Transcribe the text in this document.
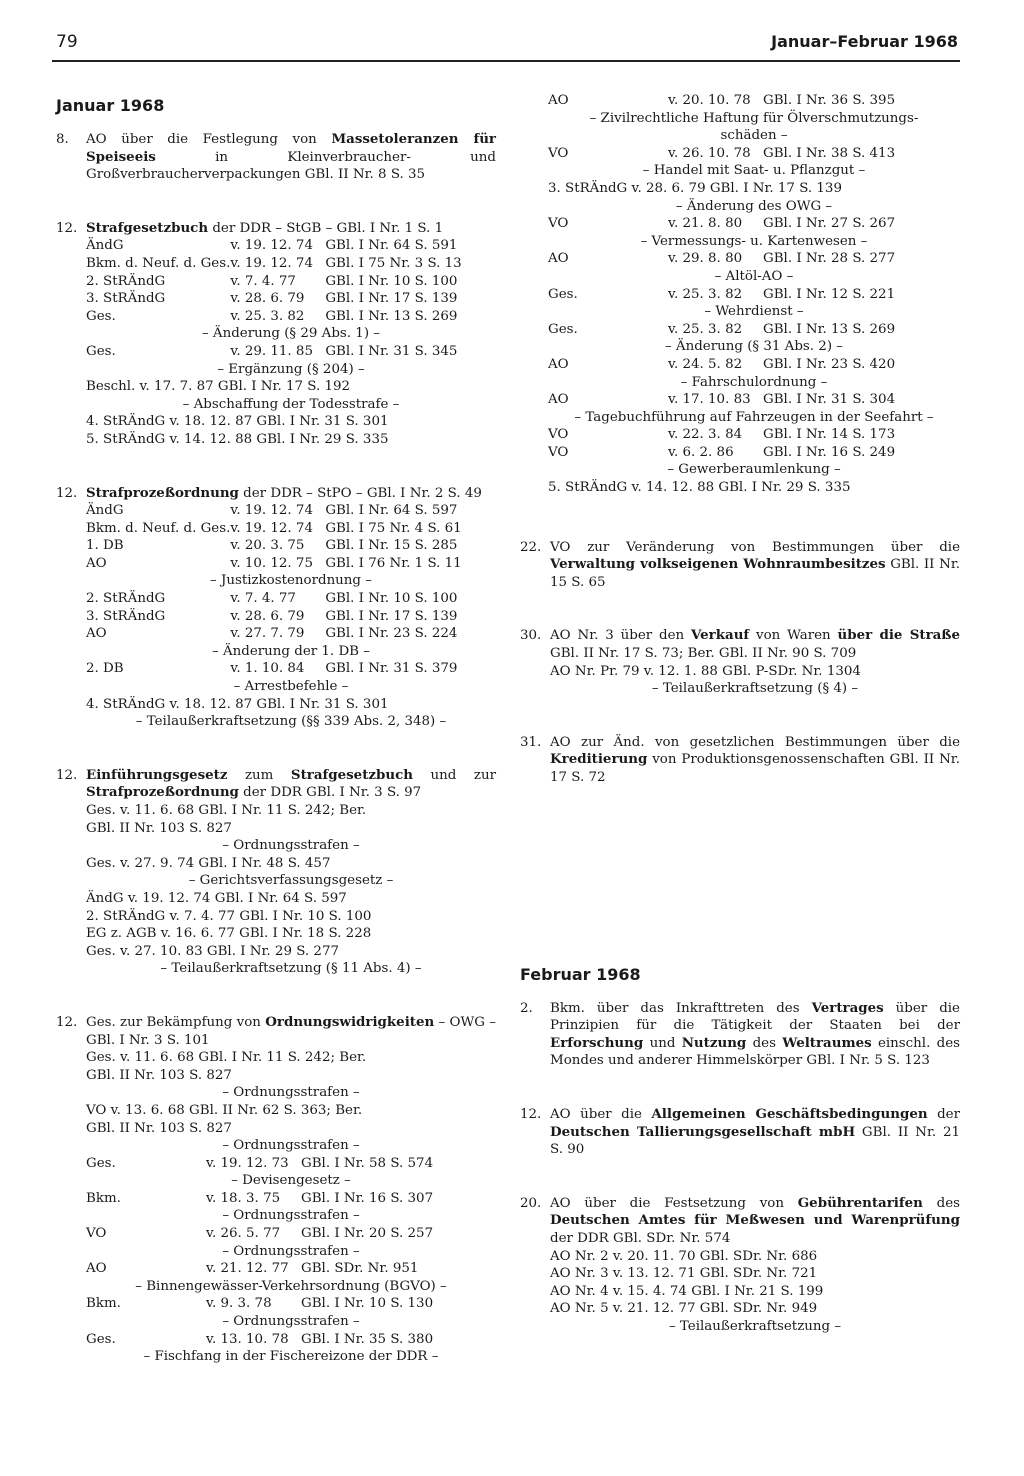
79	Januar–Februar 1968
Januar 1968
8. AO über die Festlegung von Massetoleranzen für Speiseeis in Kleinverbraucher- und Großverbraucherverpackungen GBl. II Nr. 8 S. 35

12. Strafgesetzbuch der DDR – StGB – GBl. I Nr. 1 S. 1

ÄndG	v. 19. 12. 74	GBl. I Nr. 64 S. 591
Bkm. d. Neuf. d. Ges.	v. 19. 12. 74	GBl. I 75 Nr. 3 S. 13
2. StRÄndG	v. 7. 4. 77	GBl. I Nr. 10 S. 100
3. StRÄndG	v. 28. 6. 79	GBl. I Nr. 17 S. 139
Ges.	v. 25. 3. 82	GBl. I Nr. 13 S. 269
– Änderung (§ 29 Abs. 1) –		
Ges.	v. 29. 11. 85	GBl. I Nr. 31 S. 345
– Ergänzung (§ 204) –		
Beschl. v. 17. 7. 87 GBl. I Nr. 17 S. 192		
– Abschaffung der Todesstrafe –		
4. StRÄndG v. 18. 12. 87 GBl. I Nr. 31 S. 301		
5. StRÄndG v. 14. 12. 88 GBl. I Nr. 29 S. 335		
12. Strafprozeßordnung der DDR – StPO – GBl. I Nr. 2 S. 49

ÄndG	v. 19. 12. 74	GBl. I Nr. 64 S. 597
Bkm. d. Neuf. d. Ges.	v. 19. 12. 74	GBl. I 75 Nr. 4 S. 61
1. DB	v. 20. 3. 75	GBl. I Nr. 15 S. 285
AO	v. 10. 12. 75	GBl. I 76 Nr. 1 S. 11
– Justizkostenordnung –		
2. StRÄndG	v. 7. 4. 77	GBl. I Nr. 10 S. 100
3. StRÄndG	v. 28. 6. 79	GBl. I Nr. 17 S. 139
AO	v. 27. 7. 79	GBl. I Nr. 23 S. 224
– Änderung der 1. DB –		
2. DB	v. 1. 10. 84	GBl. I Nr. 31 S. 379
– Arrestbefehle –		
4. StRÄndG v. 18. 12. 87 GBl. I Nr. 31 S. 301		
– Teilaußerkraftsetzung (§§ 339 Abs. 2, 348) –		
12. Einführungsgesetz zum Strafgesetzbuch und zur Strafprozeßordnung der DDR GBl. I Nr. 3 S. 97

Ges. v. 11. 6. 68 GBl. I Nr. 11 S. 242; Ber.
GBl. II Nr. 103 S. 827
– Ordnungsstrafen –
Ges. v. 27. 9. 74 GBl. I Nr. 48 S. 457
– Gerichtsverfassungsgesetz –
ÄndG v. 19. 12. 74 GBl. I Nr. 64 S. 597
2. StRÄndG v. 7. 4. 77 GBl. I Nr. 10 S. 100
EG z. AGB v. 16. 6. 77 GBl. I Nr. 18 S. 228
Ges. v. 27. 10. 83 GBl. I Nr. 29 S. 277
– Teilaußerkraftsetzung (§ 11 Abs. 4) –
12. Ges. zur Bekämpfung von Ordnungswidrigkeiten – OWG – GBl. I Nr. 3 S. 101

Ges. v. 11. 6. 68 GBl. I Nr. 11 S. 242; Ber.		
GBl. II Nr. 103 S. 827		
– Ordnungsstrafen –		
VO v. 13. 6. 68 GBl. II Nr. 62 S. 363; Ber.		
GBl. II Nr. 103 S. 827		
– Ordnungsstrafen –		
Ges.	v. 19. 12. 73	GBl. I Nr. 58 S. 574
– Devisengesetz –		
Bkm.	v. 18. 3. 75	GBl. I Nr. 16 S. 307
– Ordnungsstrafen –		
VO	v. 26. 5. 77	GBl. I Nr. 20 S. 257
– Ordnungsstrafen –		
AO	v. 21. 12. 77	GBl. SDr. Nr. 951
– Binnengewässer-Verkehrsordnung (BGVO) –		
Bkm.	v. 9. 3. 78	GBl. I Nr. 10 S. 130
– Ordnungsstrafen –		
Ges.	v. 13. 10. 78	GBl. I Nr. 35 S. 380
– Fischfang in der Fischereizone der DDR –		
AO	v. 20. 10. 78	GBl. I Nr. 36 S. 395
– Zivilrechtliche Haftung für Ölverschmutzungs-		
schäden –		
VO	v. 26. 10. 78	GBl. I Nr. 38 S. 413
– Handel mit Saat- u. Pflanzgut –		
3. StRÄndG v. 28. 6. 79 GBl. I Nr. 17 S. 139		
– Änderung des OWG –		
VO	v. 21. 8. 80	GBl. I Nr. 27 S. 267
– Vermessungs- u. Kartenwesen –		
AO	v. 29. 8. 80	GBl. I Nr. 28 S. 277
– Altöl-AO –		
Ges.	v. 25. 3. 82	GBl. I Nr. 12 S. 221
– Wehrdienst –		
Ges.	v. 25. 3. 82	GBl. I Nr. 13 S. 269
– Änderung (§ 31 Abs. 2) –		
AO	v. 24. 5. 82	GBl. I Nr. 23 S. 420
– Fahrschulordnung –		
AO	v. 17. 10. 83	GBl. I Nr. 31 S. 304
– Tagebuchführung auf Fahrzeugen in der Seefahrt –		
VO	v. 22. 3. 84	GBl. I Nr. 14 S. 173
VO	v. 6. 2. 86	GBl. I Nr. 16 S. 249
– Gewerberaumlenkung –		
5. StRÄndG v. 14. 12. 88 GBl. I Nr. 29 S. 335		
22. VO zur Veränderung von Bestimmungen über die Verwaltung volkseigenen Wohnraumbesitzes GBl. II Nr. 15 S. 65

30. AO Nr. 3 über den Verkauf von Waren über die Straße GBl. II Nr. 17 S. 73; Ber. GBl. II Nr. 90 S. 709

AO Nr. Pr. 79 v. 12. 1. 88 GBl. P-SDr. Nr. 1304
– Teilaußerkraftsetzung (§ 4) –
31. AO zur Änd. von gesetzlichen Bestimmungen über die Kreditierung von Produktionsgenossenschaften GBl. II Nr. 17 S. 72

Februar 1968
2. Bkm. über das Inkrafttreten des Vertrages über die Prinzipien für die Tätigkeit der Staaten bei der Erforschung und Nutzung des Weltraumes einschl. des Mondes und anderer Himmelskörper GBl. I Nr. 5 S. 123

12. AO über die Allgemeinen Geschäftsbedingungen der Deutschen Tallierungsgesellschaft mbH GBl. II Nr. 21 S. 90

20. AO über die Festsetzung von Gebührentarifen des Deutschen Amtes für Meßwesen und Warenprüfung der DDR GBl. SDr. Nr. 574

AO Nr. 2 v. 20. 11. 70 GBl. SDr. Nr. 686
AO Nr. 3 v. 13. 12. 71 GBl. SDr. Nr. 721
AO Nr. 4 v. 15. 4. 74 GBl. I Nr. 21 S. 199
AO Nr. 5 v. 21. 12. 77 GBl. SDr. Nr. 949
– Teilaußerkraftsetzung –
